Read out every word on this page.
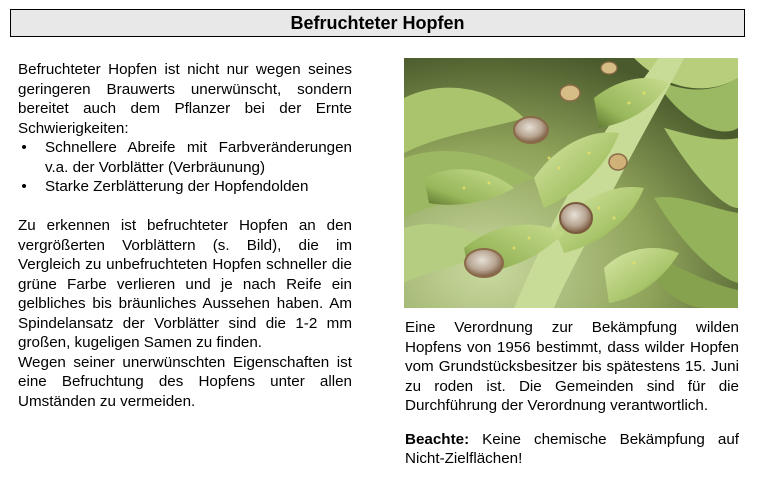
Befruchteter Hopfen

Befruchteter Hopfen ist nicht nur wegen seines geringeren Brauwerts unerwünscht, sondern bereitet auch dem Pflanzer bei der Ernte Schwierigkeiten:

• Schnellere Abreife mit Farbveränderungen v.a. der Vorblätter (Verbräunung)
• Starke Zerblätterung der Hopfendolden

Zu erkennen ist befruchteter Hopfen an den vergrößerten Vorblättern (s. Bild), die im Vergleich zu unbefruchteten Hopfen schneller die grüne Farbe verlieren und je nach Reife ein gelbliches bis bräunliches Aussehen haben. Am Spindelansatz der Vorblätter sind die 1-2 mm großen, kugeligen Samen zu finden.

Wegen seiner unerwünschten Eigenschaften ist eine Befruchtung des Hopfens unter allen Umständen zu vermeiden.

Eine Verordnung zur Bekämpfung wilden Hopfens von 1956 bestimmt, dass wilder Hopfen vom Grundstücksbesitzer bis spätestens 15. Juni zu roden ist. Die Gemeinden sind für die Durchführung der Verordnung verantwortlich.

Beachte: Keine chemische Bekämpfung auf Nicht-Zielflächen!
